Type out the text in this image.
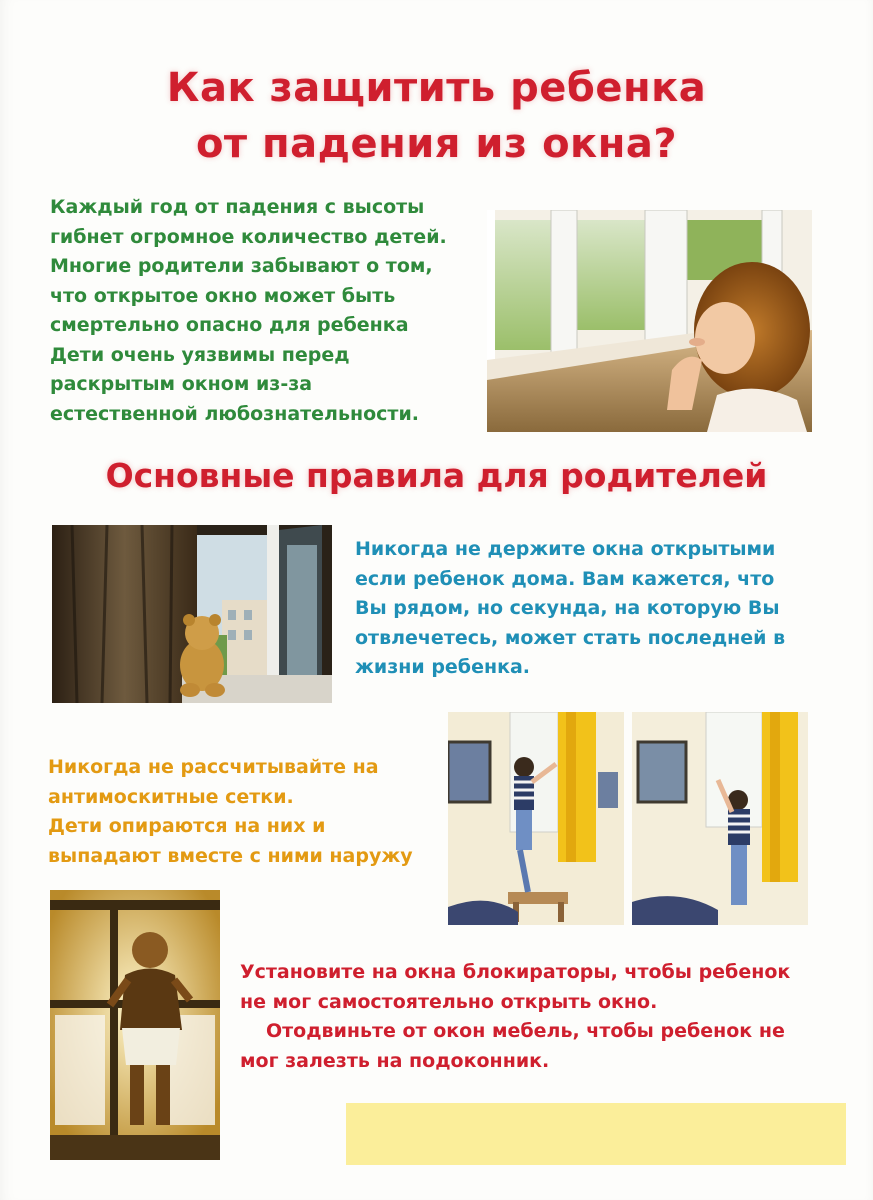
Как защитить ребенка
от падения из окна?
Каждый год от падения с высоты
гибнет огромное количество детей.
Многие родители забывают о том,
что открытое окно может быть
смертельно опасно для ребенка
Дети очень уязвимы перед
раскрытым окном из-за
естественной любознательности.
Основные правила для родителей
Никогда не держите окна открытыми
если ребенок дома. Вам кажется, что
Вы рядом, но секунда, на которую Вы
отвлечетесь, может стать последней в
жизни ребенка.
Никогда не рассчитывайте на
антимоскитные сетки.
Дети опираются на них и
выпадают вместе с ними наружу
Установите на окна блокираторы, чтобы ребенок
не мог самостоятельно открыть окно.
Отодвиньте от окон мебель, чтобы ребенок не
мог залезть на подоконник.
